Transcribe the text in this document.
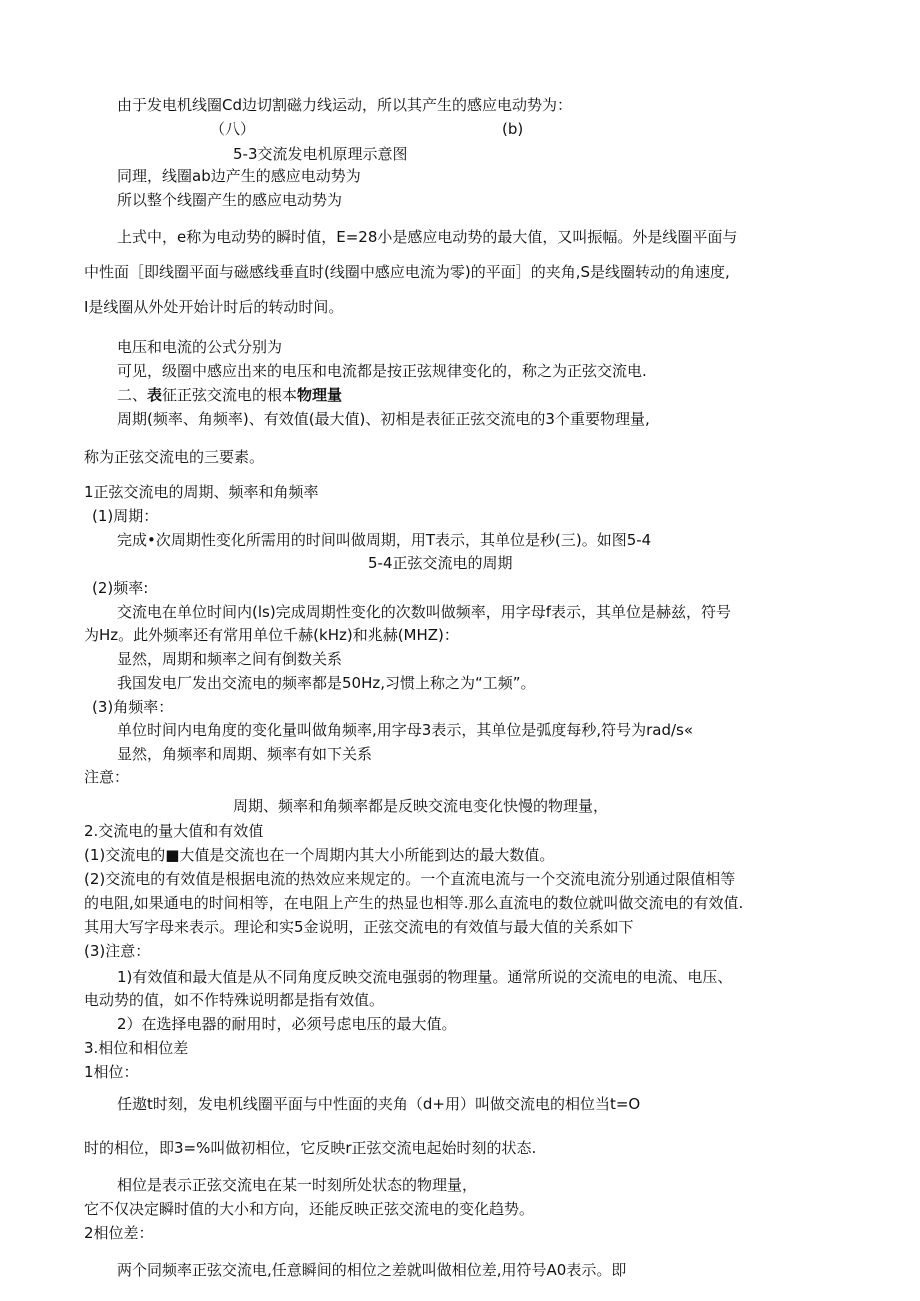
由于发电机线圈Cd边切割磁力线运动，所以其产生的感应电动势为：
（八）	(b)
5-3交流发电机原理示意图
同理，线圈ab边产生的感应电动势为
所以整个线圈产生的感应电动势为
上式中，e称为电动势的瞬时值，E=28小是感应电动势的最大值，又叫振幅。外是线圈平面与
中性面［即线圈平面与磁感线垂直时(线圈中感应电流为零)的平面］的夹角,S是线圈转动的角速度,
I是线圈从外处开始计时后的转动时间。
电压和电流的公式分别为
可见，级圈中感应出来的电压和电流都是按正弦规律变化的，称之为正弦交流电.
二、表征正弦交流电的根本物理量
周期(频率、角频率)、有效值(最大值)、初相是表征正弦交流电的3个重要物理量,
称为正弦交流电的三要素。
1正弦交流电的周期、频率和角频率
(1)周期：
完成•次周期性变化所需用的时间叫做周期，用T表示，其单位是秒(三)。如图5-4
5-4正弦交流电的周期
(2)频率:
交流电在单位时间内(ls)完成周期性变化的次数叫做频率，用字母f表示，其单位是赫兹，符号
为Hz。此外频率还有常用单位千赫(kHz)和兆赫(MHZ)：
显然，周期和频率之间有倒数关系
我国发电厂发出交流电的频率都是50Hz,习惯上称之为“工频”。
(3)角频率：
单位时间内电角度的变化量叫做角频率,用字母3表示，其单位是弧度每秒,符号为rad/s«
显然，角频率和周期、频率有如下关系
注意：
周期、频率和角频率都是反映交流电变化快慢的物理量，
2.交流电的量大值和有效值
(1)交流电的■大值是交流也在一个周期内其大小所能到达的最大数值。
(2)交流电的有效值是根据电流的热效应来规定的。一个直流电流与一个交流电流分别通过限值相等
的电阻,如果通电的时间相等，在电阻上产生的热显也相等.那么直流电的数位就叫做交流电的有效值.
其用大写字母来表示。理论和实5金说明，正弦交流电的有效值与最大值的关系如下
(3)注意：
1)有效值和最大值是从不同角度反映交流电强弱的物理量。通常所说的交流电的电流、电压、
电动势的值，如不作特殊说明都是指有效值。
2）在选择电器的耐用时，必须号虑电压的最大值。
3.相位和相位差
1相位：
任遨t时刻，发电机线圈平面与中性面的夹角（d+用）叫做交流电的相位当t=O
时的相位，即3=%叫做初相位，它反映r正弦交流电起始时刻的状态.
相位是表示正弦交流电在某一时刻所处状态的物理量，
它不仅决定瞬时值的大小和方向，还能反映正弦交流电的变化趋势。
2相位差：
两个同频率正弦交流电,任意瞬间的相位之差就叫做相位差,用符号A0表示。即
